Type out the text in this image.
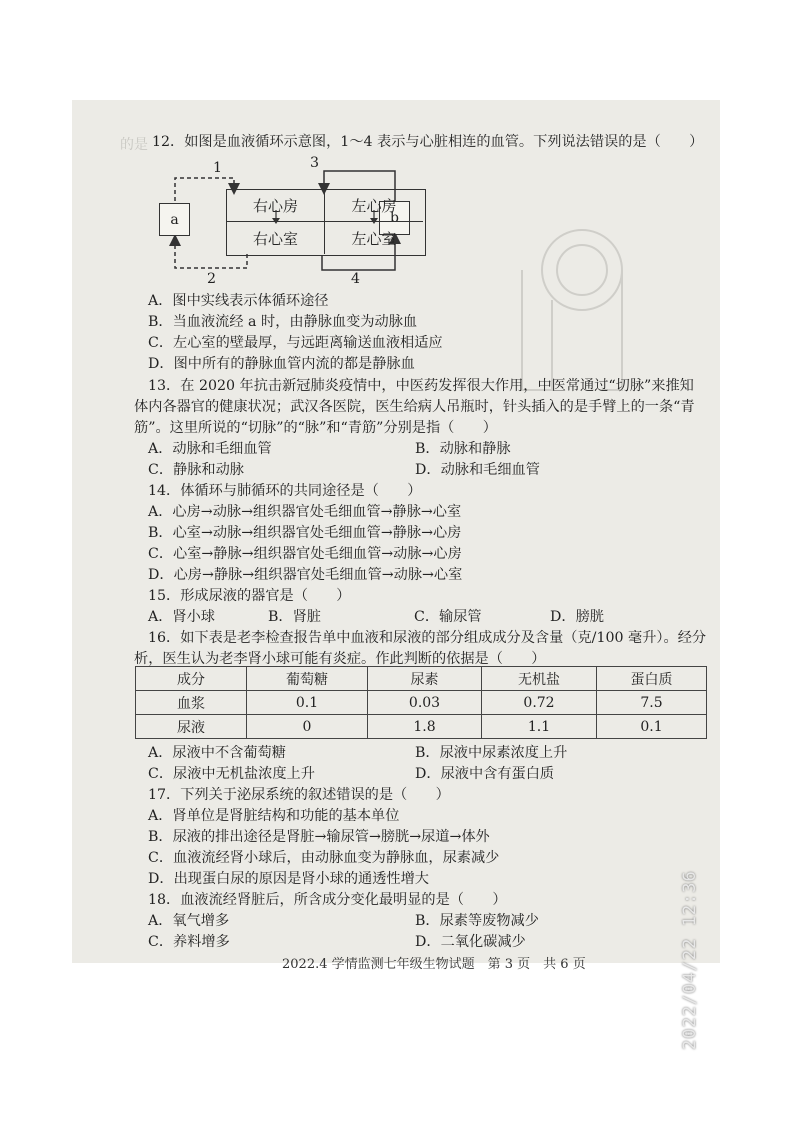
的是 12．如图是血液循环示意图，1～4 表示与心脏相连的血管。下列说法错误的是（　　）
1
2
3
4
a	b
右心房	左心房
右心室	左心室
A．图中实线表示体循环途径
B．当血液流经 a 时，由静脉血变为动脉血
C．左心室的壁最厚，与远距离输送血液相适应
D．图中所有的静脉血管内流的都是静脉血
13．在 2020 年抗击新冠肺炎疫情中，中医药发挥很大作用，中医常通过“切脉”来推知
体内各器官的健康状况；武汉各医院，医生给病人吊瓶时，针头插入的是手臂上的一条“青
筋”。这里所说的“切脉”的“脉”和“青筋”分别是指（　　）
A．动脉和毛细血管	B．动脉和静脉
C．静脉和动脉	D．动脉和毛细血管
14．体循环与肺循环的共同途径是（　　）
A．心房→动脉→组织器官处毛细血管→静脉→心室
B．心室→动脉→组织器官处毛细血管→静脉→心房
C．心室→静脉→组织器官处毛细血管→动脉→心房
D．心房→静脉→组织器官处毛细血管→动脉→心室
15．形成尿液的器官是（　　）
A．肾小球	B．肾脏	C．输尿管	D．膀胱
16．如下表是老李检查报告单中血液和尿液的部分组成成分及含量（克/100 毫升）。经分
析，医生认为老李肾小球可能有炎症。作此判断的依据是（　　）
成分	葡萄糖	尿素	无机盐	蛋白质
血浆	0.1	0.03	0.72	7.5
尿液	0	1.8	1.1	0.1
A．尿液中不含葡萄糖	B．尿液中尿素浓度上升
C．尿液中无机盐浓度上升	D．尿液中含有蛋白质
17．下列关于泌尿系统的叙述错误的是（　　）
A．肾单位是肾脏结构和功能的基本单位
B．尿液的排出途径是肾脏→输尿管→膀胱→尿道→体外
C．血液流经肾小球后，由动脉血变为静脉血，尿素减少
D．出现蛋白尿的原因是肾小球的通透性增大
18．血液流经肾脏后，所含成分变化最明显的是（　　）
A．氧气增多	B．尿素等废物减少
C．养料增多	D．二氧化碳减少
2022.4 学情监测七年级生物试题　第 3 页　共 6 页	2022/04/22 12:36
